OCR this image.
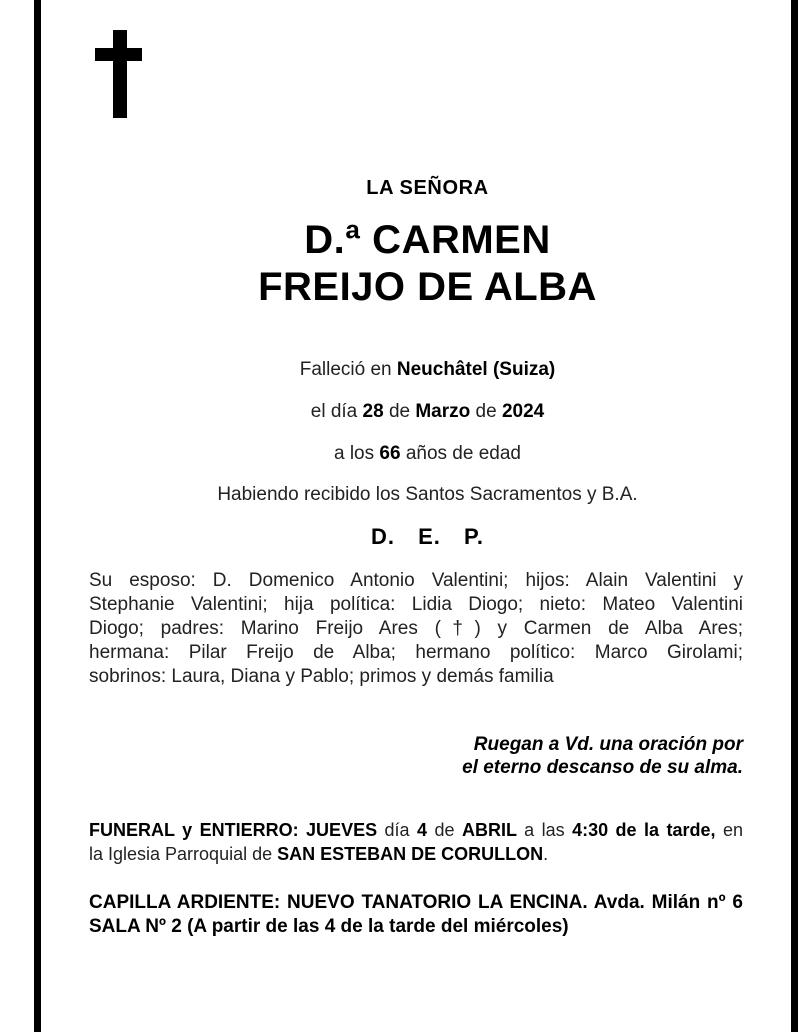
LA SEÑORA
D.ª CARMEN
FREIJO DE ALBA
Falleció en Neuchâtel (Suiza)
el día 28 de Marzo de 2024
a los 66 años de edad
Habiendo recibido los Santos Sacramentos y B.A.
D. E. P.
Su esposo: D. Domenico Antonio Valentini; hijos: Alain Valentini y
Stephanie Valentini; hija política: Lidia Diogo; nieto: Mateo Valentini
Diogo; padres: Marino Freijo Ares (†) y Carmen de Alba Ares;
hermana: Pilar Freijo de Alba; hermano político: Marco Girolami;
sobrinos: Laura, Diana y Pablo; primos y demás familia
Ruegan a Vd. una oración por
el eterno descanso de su alma.
FUNERAL y ENTIERRO: JUEVES día 4 de ABRIL a las 4:30 de la tarde, en
la Iglesia Parroquial de SAN ESTEBAN DE CORULLON.
CAPILLA ARDIENTE: NUEVO TANATORIO LA ENCINA. Avda. Milán nº 6
SALA Nº 2 (A partir de las 4 de la tarde del miércoles)
